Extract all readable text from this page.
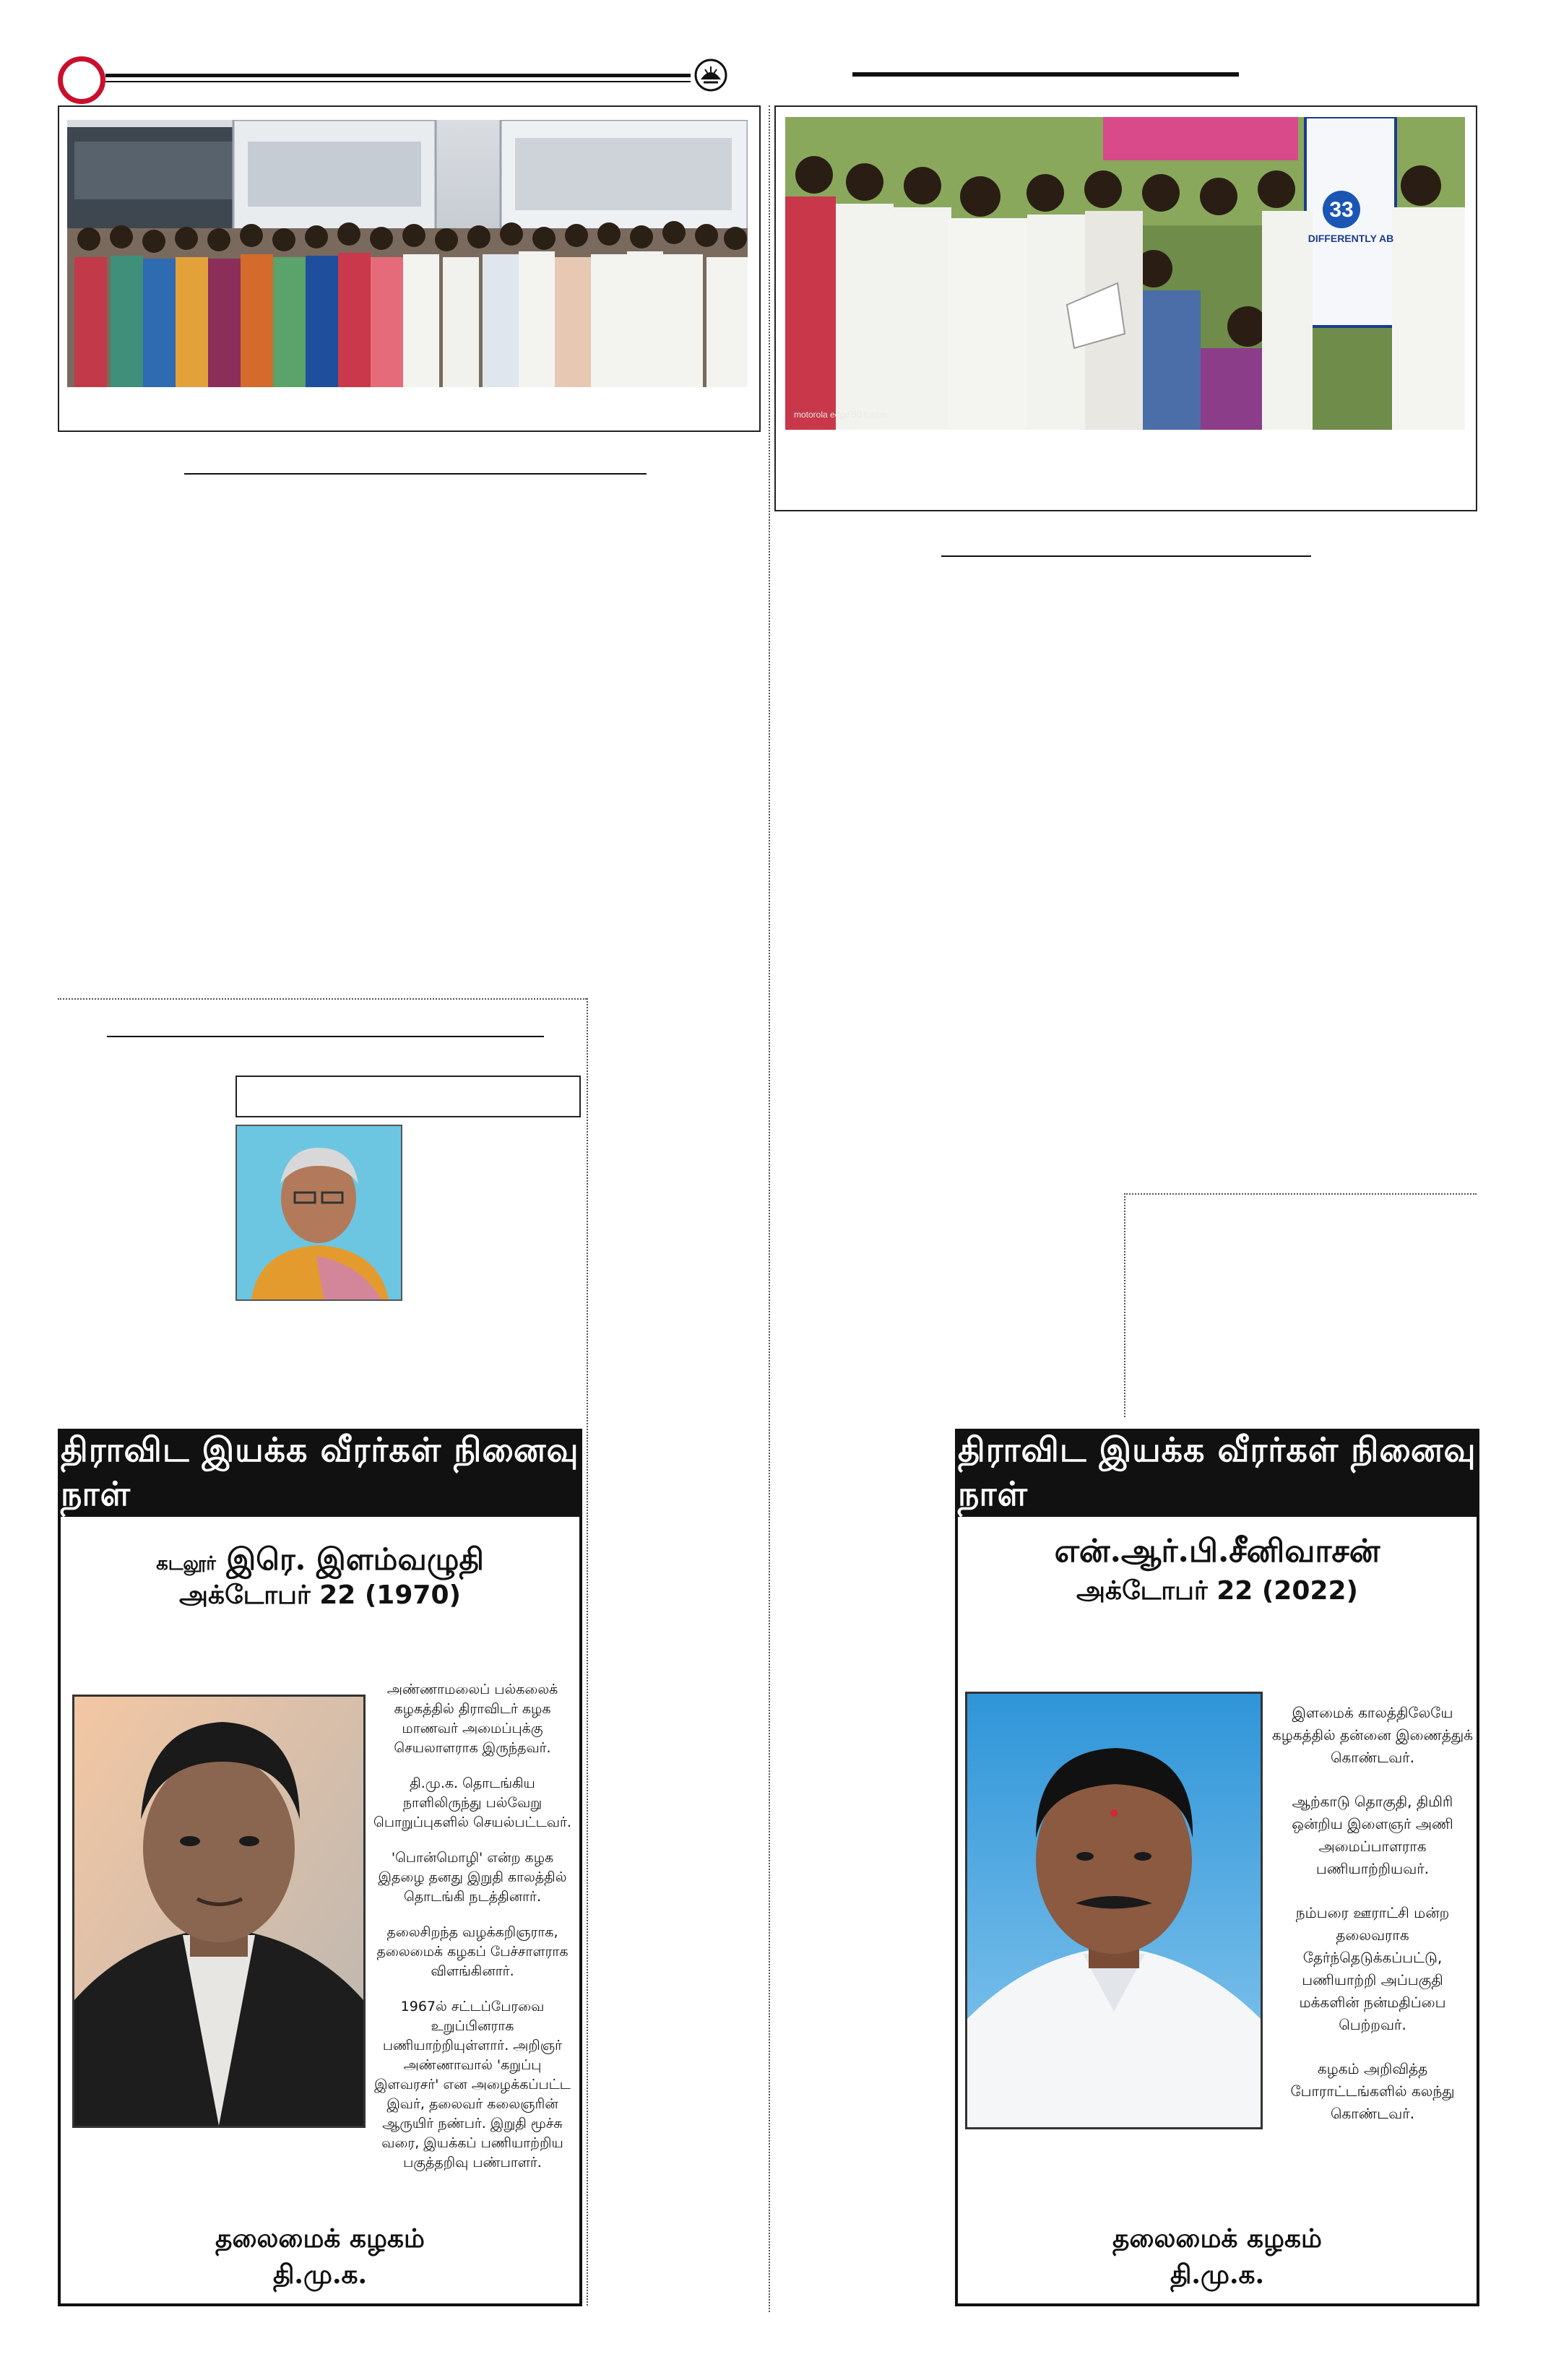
33
DIFFERENTLY AB
motorola edge 50 fusion
திராவிட இயக்க வீரர்கள் நினைவு நாள்
கடலூர் இரெ. இளம்வழுதி
அக்டோபர் 22 (1970)

அண்ணாமலைப் பல்கலைக் கழகத்தில் திராவிடர் கழக மாணவர் அமைப்புக்கு செயலாளராக இருந்தவர்.

தி.மு.க. தொடங்கிய நாளிலிருந்து பல்வேறு பொறுப்புகளில் செயல்பட்டவர்.

'பொன்மொழி' என்ற கழக இதழை தனது இறுதி காலத்தில் தொடங்கி நடத்தினார்.

தலைசிறந்த வழக்கறிஞராக, தலைமைக் கழகப் பேச்சாளராக விளங்கினார்.

1967ல் சட்டப்பேரவை உறுப்பினராக பணியாற்றியுள்ளார். அறிஞர் அண்ணாவால் 'கறுப்பு இளவரசர்' என அழைக்கப்பட்ட இவர், தலைவர் கலைஞரின் ஆருயிர் நண்பர். இறுதி மூச்சு வரை, இயக்கப் பணியாற்றிய பகுத்தறிவு பண்பாளர்.

தலைமைக் கழகம்
தி.மு.க.
திராவிட இயக்க வீரர்கள் நினைவு நாள்
என்.ஆர்.பி.சீனிவாசன்
அக்டோபர் 22 (2022)

இளமைக் காலத்திலேயே கழகத்தில் தன்னை இணைத்துக் கொண்டவர்.

ஆற்காடு தொகுதி, திமிரி ஒன்றிய இளைஞர் அணி அமைப்பாளராக பணியாற்றியவர்.

நம்பரை ஊராட்சி மன்ற தலைவராக தேர்ந்தெடுக்கப்பட்டு, பணியாற்றி அப்பகுதி மக்களின் நன்மதிப்பை பெற்றவர்.

கழகம் அறிவித்த போராட்டங்களில் கலந்து கொண்டவர்.

தலைமைக் கழகம்
தி.மு.க.
